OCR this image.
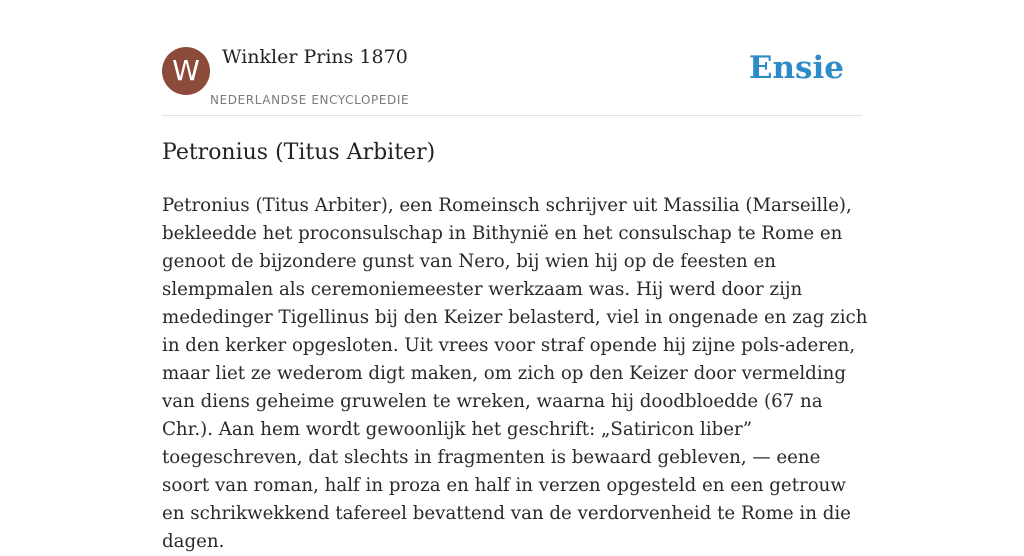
W	Winkler Prins 1870
NEDERLANDSE ENCYCLOPEDIE
Ensie
Petronius (Titus Arbiter)

Petronius (Titus Arbiter), een Romeinsch schrijver uit Massilia (Marseille), bekleedde het proconsulschap in Bithynië en het consulschap te Rome en genoot de bijzondere gunst van Nero, bij wien hij op de feesten en slempmalen als ceremoniemeester werkzaam was. Hij werd door zijn mededinger Tigellinus bij den Keizer belasterd, viel in ongenade en zag zich in den kerker opgesloten. Uit vrees voor straf opende hij zijne pols-aderen, maar liet ze wederom digt maken, om zich op den Keizer door vermelding van diens geheime gruwelen te wreken, waarna hij doodbloedde (67 na Chr.). Aan hem wordt gewoonlijk het geschrift: „Satiricon liber” toegeschreven, dat slechts in fragmenten is bewaard gebleven, — eene soort van roman, half in proza en half in verzen opgesteld en een getrouw en schrikwekkend tafereel bevattend van de verdorvenheid te Rome in die dagen.
